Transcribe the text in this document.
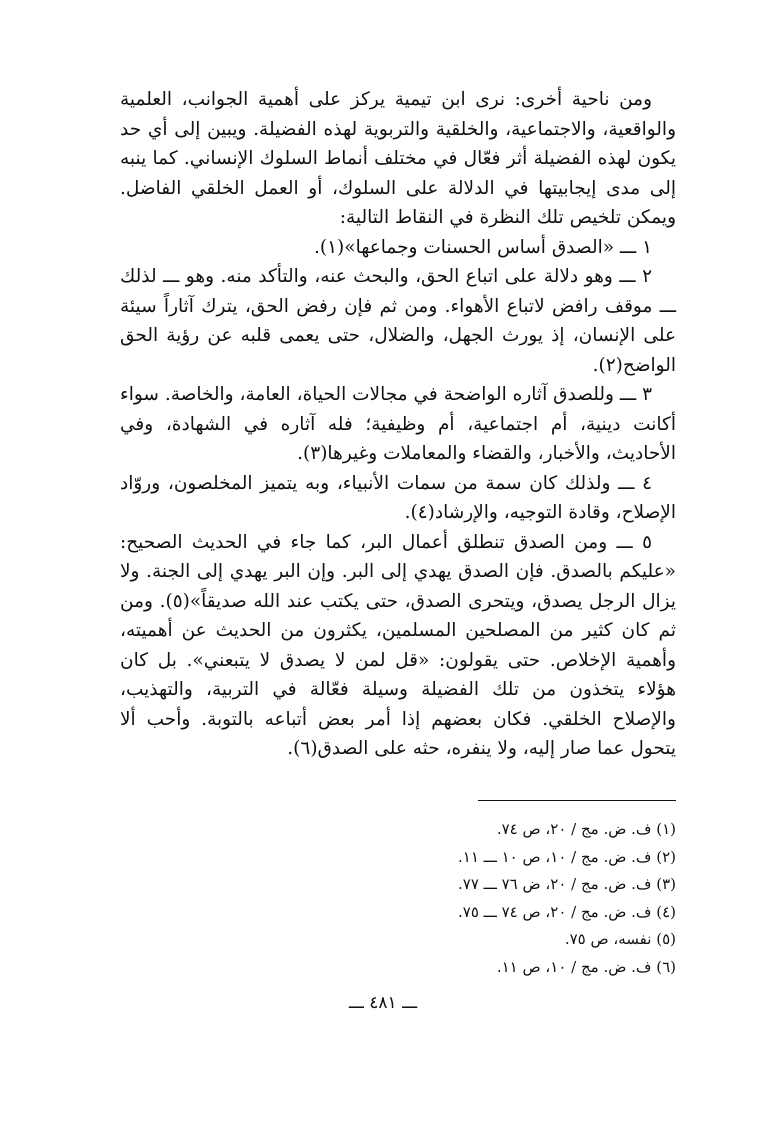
ومن ناحية أخرى: نرى ابن تيمية يركز على أهمية الجوانب، العلمية والواقعية، والاجتماعية، والخلقية والتربوية لهذه الفضيلة. ويبين إلى أي حد يكون لهذه الفضيلة أثر فعّال في مختلف أنماط السلوك الإنساني. كما ينبه إلى مدى إيجابيتها في الدلالة على السلوك، أو العمل الخلقي الفاضل. ويمكن تلخيص تلك النظرة في النقاط التالية:

١ ـــ «الصدق أساس الحسنات وجماعها»(١).

٢ ـــ وهو دلالة على اتباع الحق، والبحث عنه، والتأكد منه. وهو ـــ لذلك ـــ موقف رافض لاتباع الأهواء. ومن ثم فإن رفض الحق، يترك آثاراً سيئة على الإنسان، إذ يورث الجهل، والضلال، حتى يعمى قلبه عن رؤية الحق الواضح(٢).

٣ ـــ وللصدق آثاره الواضحة في مجالات الحياة، العامة، والخاصة. سواء أكانت دينية، أم اجتماعية، أم وظيفية؛ فله آثاره في الشهادة، وفي الأحاديث، والأخبار، والقضاء والمعاملات وغيرها(٣).

٤ ـــ ولذلك كان سمة من سمات الأنبياء، وبه يتميز المخلصون، وروّاد الإصلاح، وقادة التوجيه، والإرشاد(٤).

٥ ـــ ومن الصدق تنطلق أعمال البر، كما جاء في الحديث الصحيح: «عليكم بالصدق. فإن الصدق يهدي إلى البر. وإن البر يهدي إلى الجنة. ولا يزال الرجل يصدق، ويتحرى الصدق، حتى يكتب عند الله صديقاً»(٥). ومن ثم كان كثير من المصلحين المسلمين، يكثرون من الحديث عن أهميته، وأهمية الإخلاص. حتى يقولون: «قل لمن لا يصدق لا يتبعني». بل كان هؤلاء يتخذون من تلك الفضيلة وسيلة فعّالة في التربية، والتهذيب، والإصلاح الخلقي. فكان بعضهم إذا أمر بعض أتباعه بالتوبة. وأحب ألا يتحول عما صار إليه، ولا ينفره، حثه على الصدق(٦).

(١) ف. ض. مج / ٢٠، ص ٧٤.
(٢) ف. ض. مج / ١٠، ص ١٠ ـــ ١١.
(٣) ف. ض. مج / ٢٠، ض ٧٦ ـــ ٧٧.
(٤) ف. ض. مج / ٢٠، ص ٧٤ ـــ ٧٥.
(٥) نفسه، ص ٧٥.
(٦) ف. ض. مج / ١٠، ص ١١.
ـــ ٤٨١ ـــ
